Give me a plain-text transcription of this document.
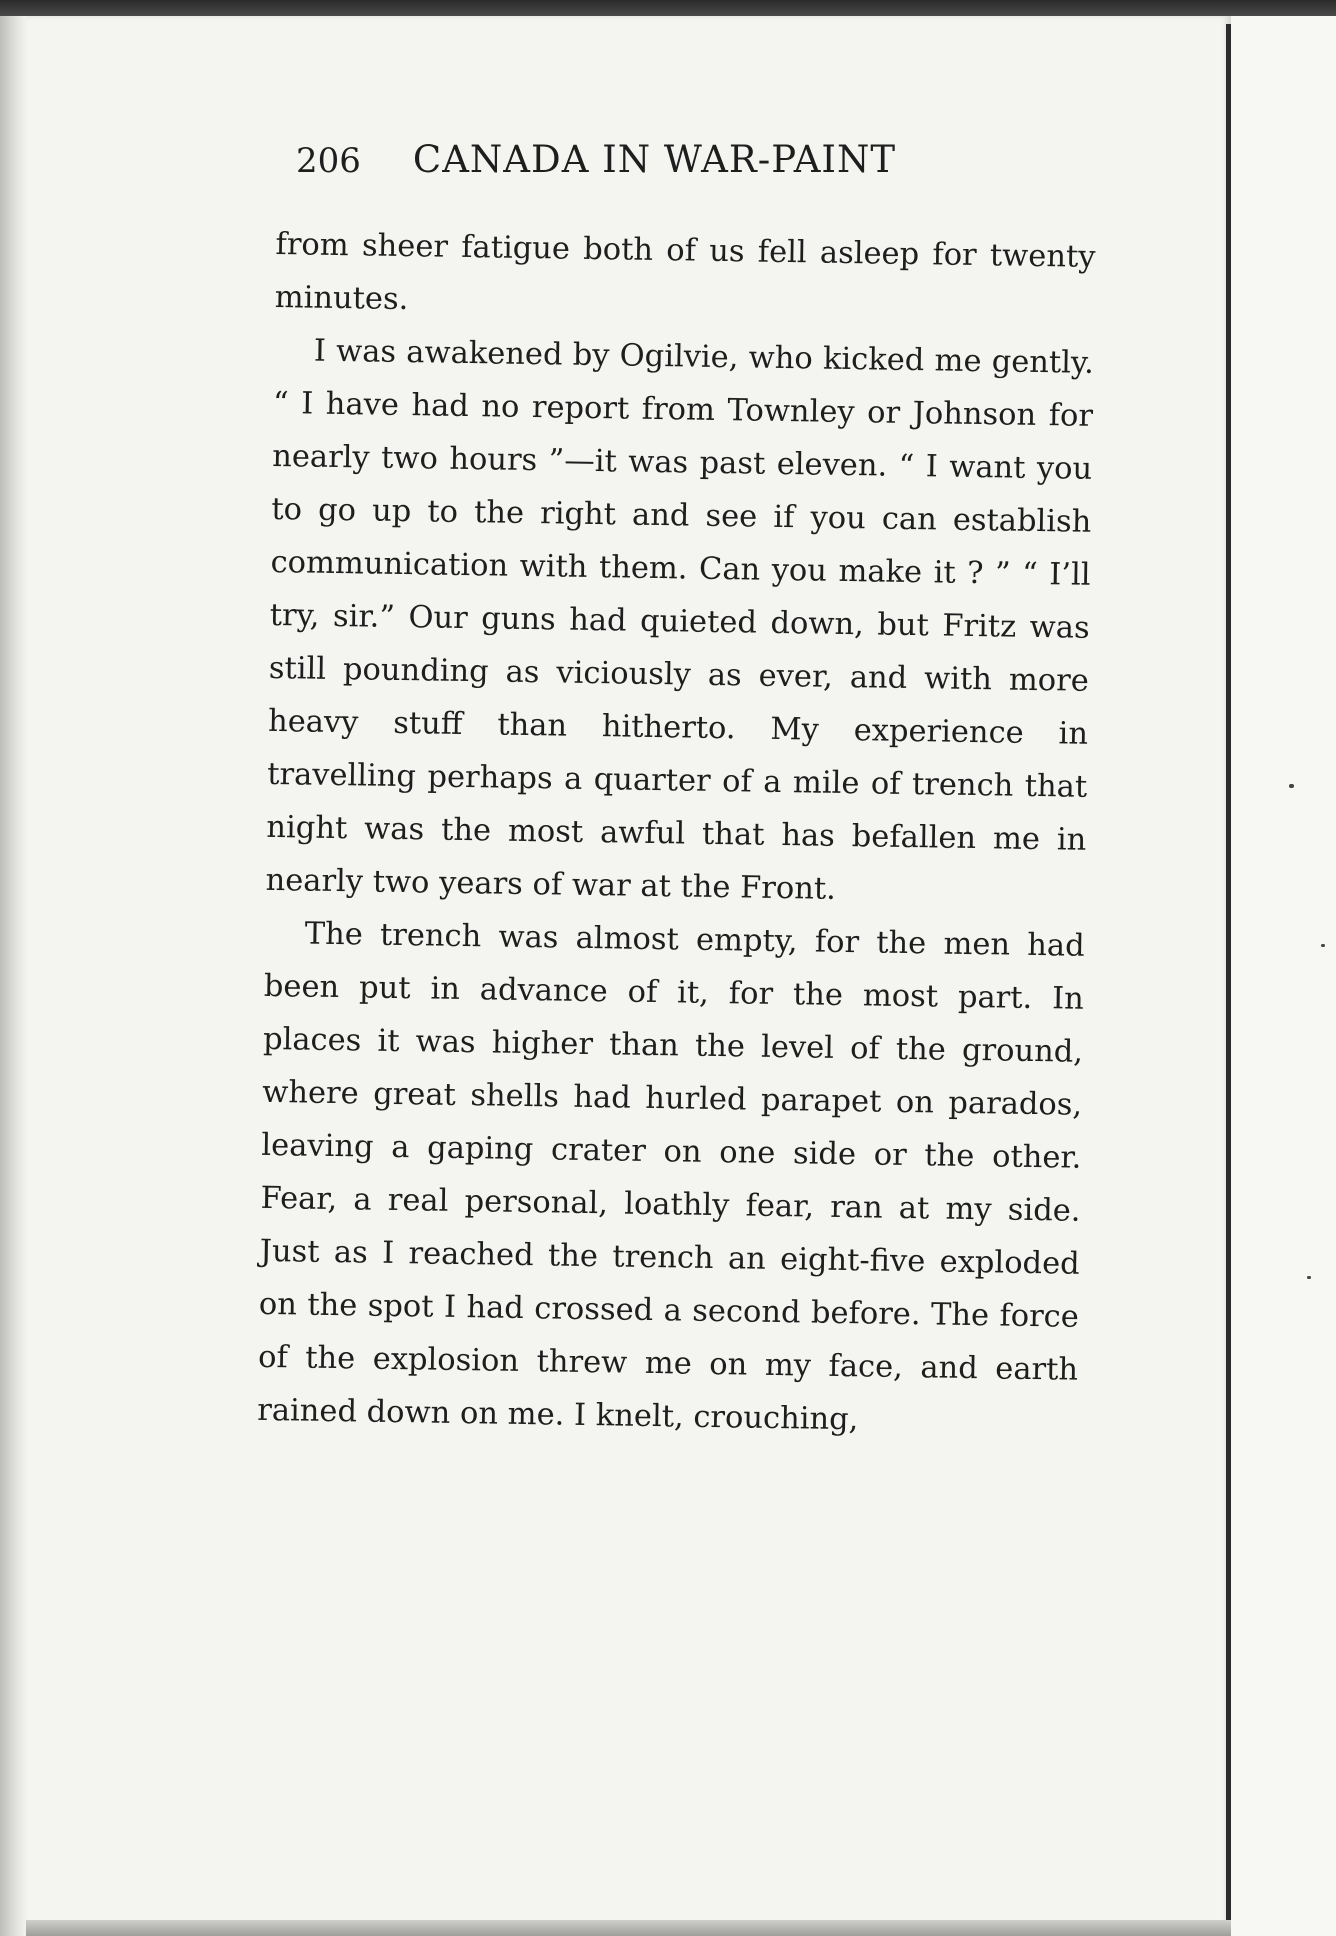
206 CANADA IN WAR-PAINT

from sheer fatigue both of us fell asleep for twenty minutes.

I was awakened by Ogilvie, who kicked me gently. “ I have had no report from Townley or Johnson for nearly two hours ”—it was past eleven. “ I want you to go up to the right and see if you can establish communication with them. Can you make it ? ” “ I’ll try, sir.” Our guns had quieted down, but Fritz was still pounding as viciously as ever, and with more heavy stuff than hitherto. My experience in travelling perhaps a quarter of a mile of trench that night was the most awful that has befallen me in nearly two years of war at the Front.

The trench was almost empty, for the men had been put in advance of it, for the most part. In places it was higher than the level of the ground, where great shells had hurled parapet on parados, leaving a gaping crater on one side or the other. Fear, a real personal, loathly fear, ran at my side. Just as I reached the trench an eight-five exploded on the spot I had crossed a second before. The force of the explosion threw me on my face, and earth rained down on me. I knelt, crouching,
